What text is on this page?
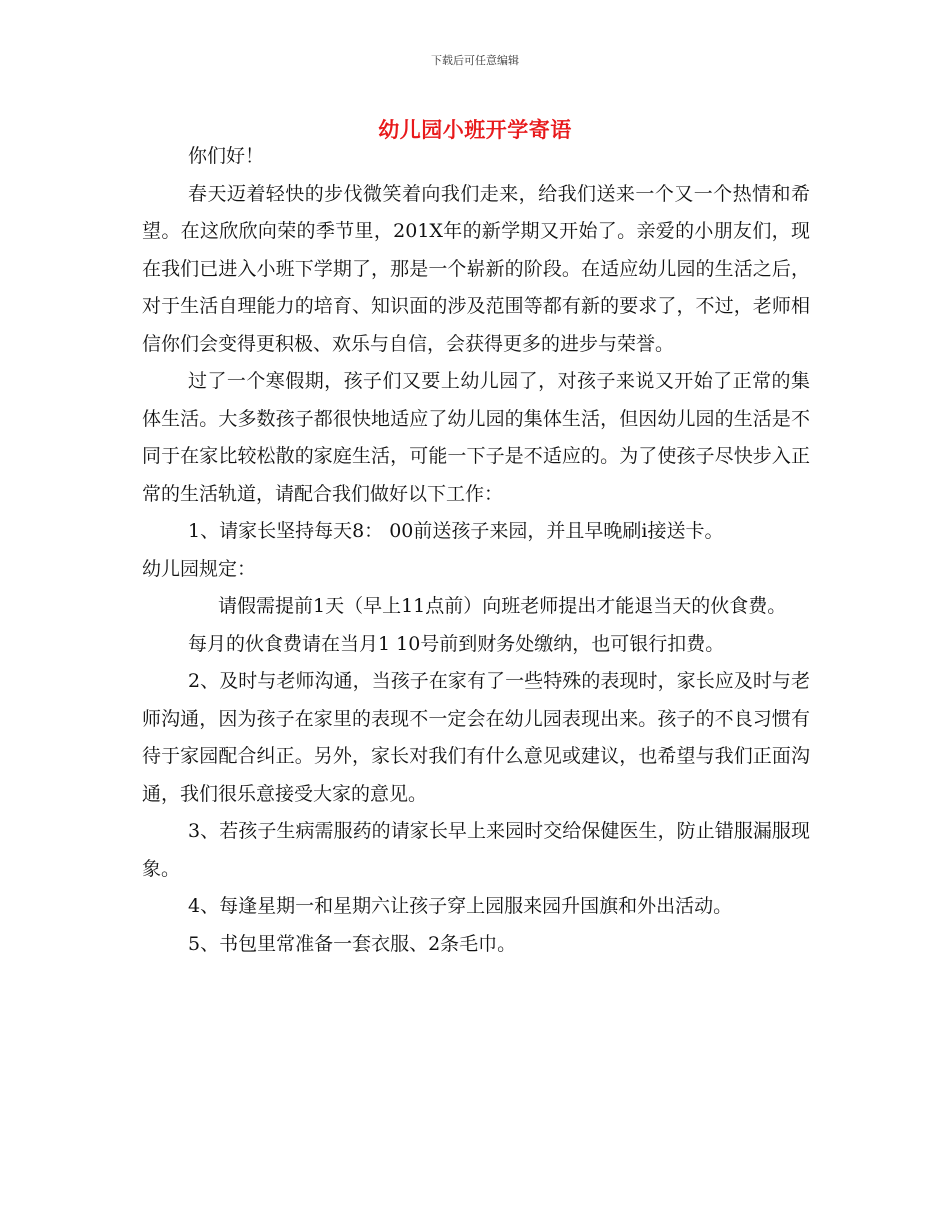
下载后可任意编辑
幼儿园小班开学寄语

你们好！

春天迈着轻快的步伐微笑着向我们走来，给我们送来一个又一个热情和希望。在这欣欣向荣的季节里，201X年的新学期又开始了。亲爱的小朋友们，现在我们已进入小班下学期了，那是一个崭新的阶段。在适应幼儿园的生活之后，对于生活自理能力的培育、知识面的涉及范围等都有新的要求了，不过，老师相信你们会变得更积极、欢乐与自信，会获得更多的进步与荣誉。

过了一个寒假期，孩子们又要上幼儿园了，对孩子来说又开始了正常的集体生活。大多数孩子都很快地适应了幼儿园的集体生活，但因幼儿园的生活是不同于在家比较松散的家庭生活，可能一下子是不适应的。为了使孩子尽快步入正常的生活轨道，请配合我们做好以下工作：

1、请家长坚持每天8： 00前送孩子来园，并且早晚刷i接送卡。

幼儿园规定：

请假需提前1天（早上11点前）向班老师提出才能退当天的伙食费。

每月的伙食费请在当月1 10号前到财务处缴纳，也可银行扣费。

2、及时与老师沟通，当孩子在家有了一些特殊的表现时，家长应及时与老师沟通，因为孩子在家里的表现不一定会在幼儿园表现出来。孩子的不良习惯有待于家园配合纠正。另外，家长对我们有什么意见或建议，也希望与我们正面沟通，我们很乐意接受大家的意见。

3、若孩子生病需服药的请家长早上来园时交给保健医生，防止错服漏服现象。

4、每逢星期一和星期六让孩子穿上园服来园升国旗和外出活动。

5、书包里常准备一套衣服、2条毛巾。
